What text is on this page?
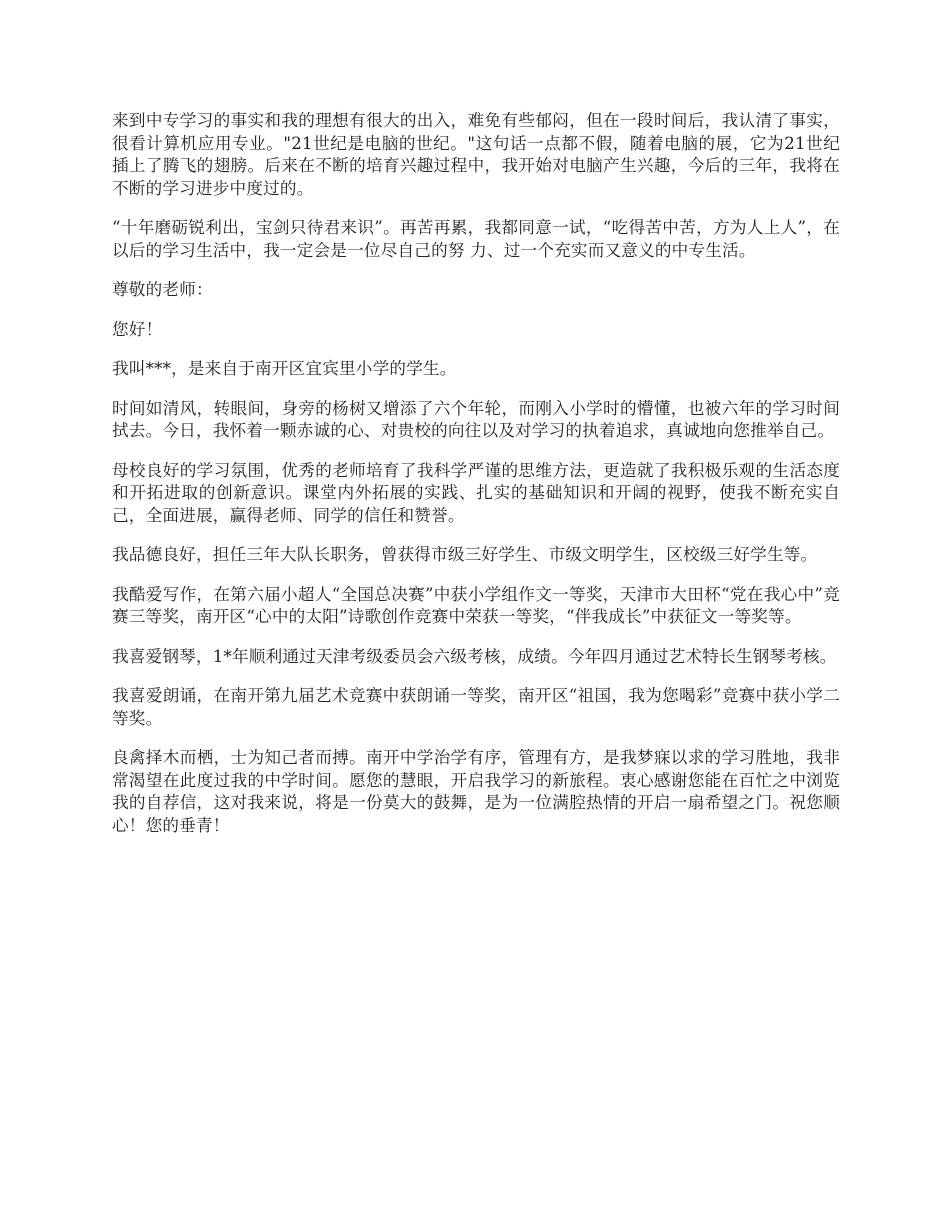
来到中专学习的事实和我的理想有很大的出入，难免有些郁闷，但在一段时间后，我认清了事实，很看计算机应用专业。"21世纪是电脑的世纪。"这句话一点都不假，随着电脑的展，它为21世纪插上了腾飞的翅膀。后来在不断的培育兴趣过程中，我开始对电脑产生兴趣，今后的三年，我将在不断的学习进步中度过的。

“十年磨砺锐利出，宝剑只待君来识”。再苦再累，我都同意一试，“吃得苦中苦，方为人上人”，在以后的学习生活中，我一定会是一位尽自己的努 力、过一个充实而又意义的中专生活。

尊敬的老师：

您好！

我叫***，是来自于南开区宜宾里小学的学生。

时间如清风，转眼间，身旁的杨树又增添了六个年轮，而刚入小学时的懵懂，也被六年的学习时间拭去。今日，我怀着一颗赤诚的心、对贵校的向往以及对学习的执着追求，真诚地向您推举自己。

母校良好的学习氛围，优秀的老师培育了我科学严谨的思维方法，更造就了我积极乐观的生活态度和开拓进取的创新意识。课堂内外拓展的实践、扎实的基础知识和开阔的视野，使我不断充实自己，全面进展，赢得老师、同学的信任和赞誉。

我品德良好，担任三年大队长职务，曾获得市级三好学生、市级文明学生，区校级三好学生等。

我酷爱写作，在第六届小超人“全国总决赛”中获小学组作文一等奖，天津市大田杯“党在我心中”竞赛三等奖，南开区“心中的太阳”诗歌创作竞赛中荣获一等奖，“伴我成长”中获征文一等奖等。

我喜爱钢琴，1*年顺利通过天津考级委员会六级考核，成绩。今年四月通过艺术特长生钢琴考核。

我喜爱朗诵，在南开第九届艺术竞赛中获朗诵一等奖，南开区“祖国，我为您喝彩”竞赛中获小学二等奖。

良禽择木而栖，士为知己者而搏。南开中学治学有序，管理有方，是我梦寐以求的学习胜地，我非常渴望在此度过我的中学时间。愿您的慧眼，开启我学习的新旅程。衷心感谢您能在百忙之中浏览我的自荐信，这对我来说，将是一份莫大的鼓舞，是为一位满腔热情的开启一扇希望之门。祝您顺心！您的垂青！
